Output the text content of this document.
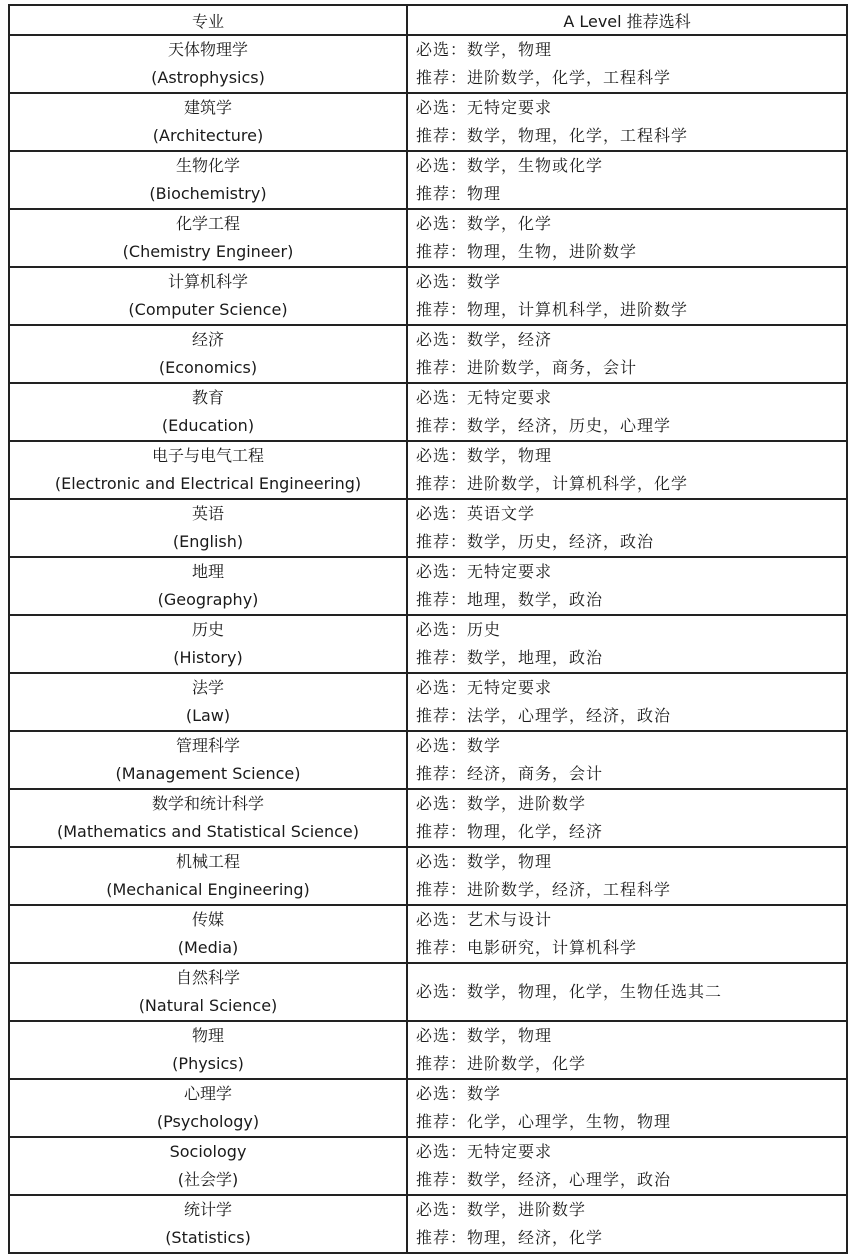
专业	A Level 推荐选科

天体物理学
(Astrophysics)	必选：数学，物理
推荐：进阶数学，化学，工程科学

建筑学
(Architecture)	必选：无特定要求
推荐：数学，物理，化学，工程科学

生物化学
(Biochemistry)	必选：数学，生物或化学
推荐：物理

化学工程
(Chemistry Engineer)	必选：数学，化学
推荐：物理，生物，进阶数学

计算机科学
(Computer Science)	必选：数学
推荐：物理，计算机科学，进阶数学

经济
(Economics)	必选：数学，经济
推荐：进阶数学，商务，会计

教育
(Education)	必选：无特定要求
推荐：数学，经济，历史，心理学

电子与电气工程
(Electronic and Electrical Engineering)	必选：数学，物理
推荐：进阶数学，计算机科学，化学

英语
(English)	必选：英语文学
推荐：数学，历史，经济，政治

地理
(Geography)	必选：无特定要求
推荐：地理，数学，政治

历史
(History)	必选：历史
推荐：数学，地理，政治

法学
(Law)	必选：无特定要求
推荐：法学，心理学，经济，政治

管理科学
(Management Science)	必选：数学
推荐：经济，商务，会计

数学和统计科学
(Mathematics and Statistical Science)	必选：数学，进阶数学
推荐：物理，化学，经济

机械工程
(Mechanical Engineering)	必选：数学，物理
推荐：进阶数学，经济，工程科学

传媒
(Media)	必选：艺术与设计
推荐：电影研究，计算机科学

自然科学
(Natural Science)	必选：数学，物理，化学，生物任选其二

物理
(Physics)	必选：数学，物理
推荐：进阶数学，化学

心理学
(Psychology)	必选：数学
推荐：化学，心理学，生物，物理

Sociology
(社会学)	必选：无特定要求
推荐：数学，经济，心理学，政治

统计学
(Statistics)	必选：数学，进阶数学
推荐：物理，经济，化学
